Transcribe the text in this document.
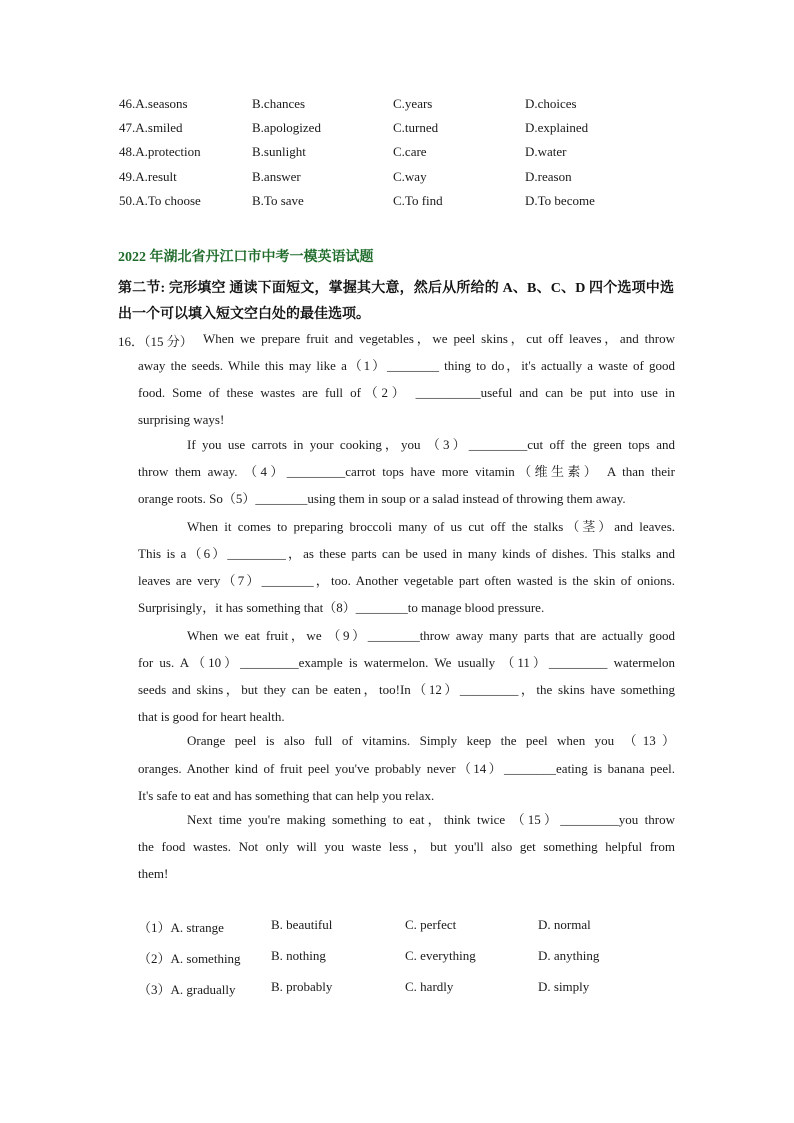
46.A.seasons	B.chances	C.years	D.choices
47.A.smiled	B.apologized	C.turned	D.explained
48.A.protection	B.sunlight	C.care	D.water
49.A.result	B.answer	C.way	D.reason
50.A.To choose	B.To save	C.To find	D.To become
2022 年湖北省丹江口市中考一模英语试题
第二节: 完形填空 通读下面短文，掌握其大意，然后从所给的 A、B、C、D 四个选项中选
出一个可以填入短文空白处的最佳选项。
16．（15 分） When we prepare fruit and vegetables，we peel skins，cut off leaves，and throw
away the seeds. While this may like a（1）________ thing to do，it's actually a waste of good
food. Some of these wastes are full of（2） __________useful and can be put into use in
surprising ways!
If you use carrots in your cooking，you （3）_________cut off the green tops and
throw them away. （4）_________carrot tops have more vitamin（维生素） A than their
orange roots. So（5）________using them in soup or a salad instead of throwing them away.
When it comes to preparing broccoli many of us cut off the stalks（茎）and leaves.
This is a（6）_________，as these parts can be used in many kinds of dishes. This stalks and
leaves are very（7）________，too. Another vegetable part often wasted is the skin of onions.
Surprisingly，it has something that（8）________to manage blood pressure.
When we eat fruit，we （9）________throw away many parts that are actually good
for us. A（10）_________example is watermelon. We usually （11）_________ watermelon
seeds and skins，but they can be eaten，too!In（12）_________，the skins have something
that is good for heart health.
Orange peel is also full of vitamins. Simply keep the peel when you （13）
oranges. Another kind of fruit peel you've probably never（14）________eating is banana peel.
It's safe to eat and has something that can help you relax.
Next time you're making something to eat，think twice （15）_________you throw
the food wastes. Not only will you waste less，but you'll also get something helpful from
them!
（1）A. strange	B. beautiful	C. perfect	D. normal
（2）A. something B. nothing	C. everything	D. anything
（3）A. gradually	B. probably	C. hardly	D. simply
